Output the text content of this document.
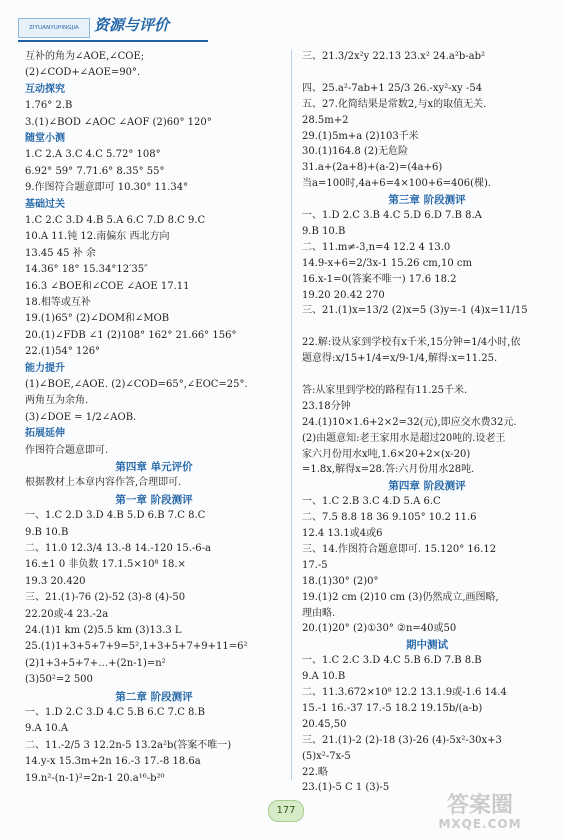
ZIYUANYUPINGJIA	资源与评价
互补的角为∠AOE,∠COE;
(2)∠COD+∠AOE=90°.
互动探究
1.76° 2.B
3.(1)∠BOD ∠AOC ∠AOF (2)60° 120°
随堂小测
1.C 2.A 3.C 4.C 5.72° 108°
6.92° 59° 7.71.6° 8.35° 55°
9.作图符合题意即可 10.30° 11.34°
基础过关
1.C 2.C 3.D 4.B 5.A 6.C 7.D 8.C 9.C
10.A 11.钝 12.南偏东 西北方向
13.45 45 补 余
14.36° 18° 15.34°12′35″
16.3 ∠BOE和∠COE ∠AOE 17.11
18.相等或互补
19.(1)65° (2)∠DOM和∠MOB
20.(1)∠FDB ∠1 (2)108° 162° 21.66° 156°
22.(1)54° 126°
能力提升
(1)∠BOE,∠AOE. (2)∠COD=65°,∠EOC=25°.
两角互为余角.
(3)∠DOE = 1/2∠AOB.
拓展延伸
作图符合题意即可.
第四章 单元评价
根据教材上本章内容作答,合理即可.
第一章 阶段测评
一、1.C 2.D 3.D 4.B 5.D 6.B 7.C 8.C
9.B 10.B
二、11.0 12.3/4 13.-8 14.-120 15.-6-a
16.±1 0 非负数 17.1.5×10⁸ 18.×
19.3 20.420
三、21.(1)-76 (2)-52 (3)-8 (4)-50
22.20或-4 23.-2a
24.(1)1 km (2)5.5 km (3)13.3 L
25.(1)1+3+5+7+9=5²,1+3+5+7+9+11=6²
(2)1+3+5+7+…+(2n-1)=n²
(3)50²=2 500
第二章 阶段测评
一、1.D 2.C 3.D 4.C 5.B 6.C 7.C 8.B
9.A 10.A
二、11.-2/5 3 12.2n-5 13.2a²b(答案不唯一)
14.y-x 15.3m+2n 16.-3 17.-8 18.6a
19.n²-(n-1)²=2n-1 20.a¹⁶-b²⁰
三、21.3/2x²y 22.13 23.x² 24.a²b-ab²
四、25.a²-7ab+1 25/3 26.-xy²-xy -54
五、27.化简结果是常数2,与x的取值无关.
28.5m+2
29.(1)5m+a (2)103千米
30.(1)164.8 (2)无危险
31.a+(2a+8)+(a-2)=(4a+6)
当a=100时,4a+6=4×100+6=406(棵).
第三章 阶段测评
一、1.D 2.C 3.B 4.C 5.D 6.D 7.B 8.A
9.B 10.B
二、11.m≠-3,n=4 12.2 4 13.0
14.9-x+6=2/3x-1 15.26 cm,10 cm
16.x-1=0(答案不唯一) 17.6 18.2
19.20 20.42 270
三、21.(1)x=13/2 (2)x=5 (3)y=-1 (4)x=11/15
22.解:设从家到学校有x千米,15分钟=1/4小时,依
题意得:x/15+1/4=x/9-1/4,解得:x=11.25.
答:从家里到学校的路程有11.25千米.
23.18分钟
24.(1)10×1.6+2×2=32(元),即应交水费32元.
(2)由题意知:老王家用水是超过20吨的.设老王
家六月份用水x吨,1.6×20+2×(x-20)
=1.8x,解得x=28.答:六月份用水28吨.
第四章 阶段测评
一、1.C 2.B 3.C 4.D 5.A 6.C
二、7.5 8.8 18 36 9.105° 10.2 11.6
12.4 13.1或4或6
三、14.作图符合题意即可. 15.120° 16.12
17.-5
18.(1)30° (2)0°
19.(1)2 cm (2)10 cm (3)仍然成立,画图略,
理由略.
20.(1)20° (2)①30° ②n=40或50
期中测试
一、1.C 2.C 3.D 4.C 5.B 6.D 7.B 8.B
9.A 10.B
二、11.3.672×10⁸ 12.2 13.1.9或-1.6 14.4
15.-1 16.-37 17.-5 18.2 19.15b/(a-b)
20.45,50
三、21.(1)-2 (2)-18 (3)-26 (4)-5x²-30x+3
(5)x²-7x-5
22.略
23.(1)-5 C 1 (3)-5
177	答案圈
MXQE.COM
